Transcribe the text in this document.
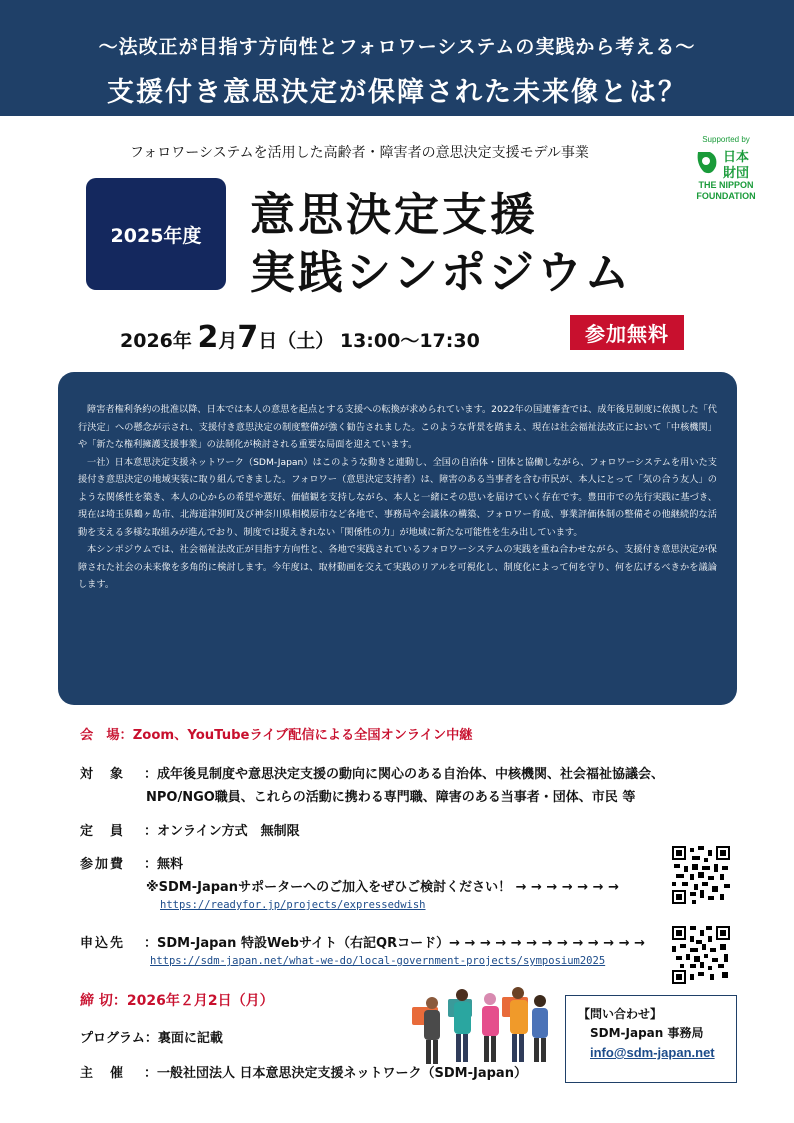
〜法改正が目指す方向性とフォロワーシステムの実践から考える〜
支援付き意思決定が保障された未来像とは？
フォロワーシステムを活用した高齢者・障害者の意思決定支援モデル事業
Supported by
日本
財団
THE NIPPON
FOUNDATION
2025年度	意思決定支援
実践シンポジウム
2026年 2月7日（土） 13:00〜17:30	参加無料

障害者権利条約の批准以降、日本では本人の意思を起点とする支援への転換が求められています。2022年の国連審査では、成年後見制度に依拠した「代行決定」への懸念が示され、支援付き意思決定の制度整備が強く勧告されました。このような背景を踏まえ、現在は社会福祉法改正において「中核機関」や「新たな権利擁護支援事業」の法制化が検討される重要な局面を迎えています。

一社）日本意思決定支援ネットワーク（SDM-Japan）はこのような動きと連動し、全国の自治体・団体と協働しながら、フォロワーシステムを用いた支援付き意思決定の地域実装に取り組んできました。フォロワー（意思決定支持者）は、障害のある当事者を含む市民が、本人にとって「気の合う友人」のような関係性を築き、本人の心からの希望や選好、価値観を支持しながら、本人と一緒にその思いを届けていく存在です。豊田市での先行実践に基づき、現在は埼玉県鶴ヶ島市、北海道津別町及び神奈川県相模原市など各地で、事務局や会議体の構築、フォロワー育成、事業評価体制の整備その他継続的な活動を支える多様な取組みが進んでおり、制度では捉えきれない「関係性の力」が地域に新たな可能性を生み出しています。

本シンポジウムでは、社会福祉法改正が目指す方向性と、各地で実践されているフォロワーシステムの実践を重ね合わせながら、支援付き意思決定が保障された社会の未来像を多角的に検討します。今年度は、取材動画を交えて実践のリアルを可視化し、制度化によって何を守り、何を広げるべきかを議論します。

会　場：Zoom、YouTubeライブ配信による全国オンライン中継
対　象 ：成年後見制度や意思決定支援の動向に関心のある自治体、中核機関、社会福祉協議会、
NPO/NGO職員、これらの活動に携わる専門職、障害のある当事者・団体、市民 等
定　員 ：オンライン方式　無制限
参加費 ：無料
※SDM-Japanサポーターへのご加入をぜひご検討ください！ → → → → → → →
https://readyfor.jp/projects/expressedwish
申込先 ：SDM-Japan 特設Webサイト（右記QRコード）→ → → → → → → → → → → → →
https://sdm-japan.net/what-we-do/local-government-projects/symposium2025
締 切：2026年２月2日（月）
プログラム：裏面に記載
主　催 ：一般社団法人 日本意思決定支援ネットワーク（SDM-Japan）
【問い合わせ】
SDM-Japan 事務局
info@sdm-japan.net
